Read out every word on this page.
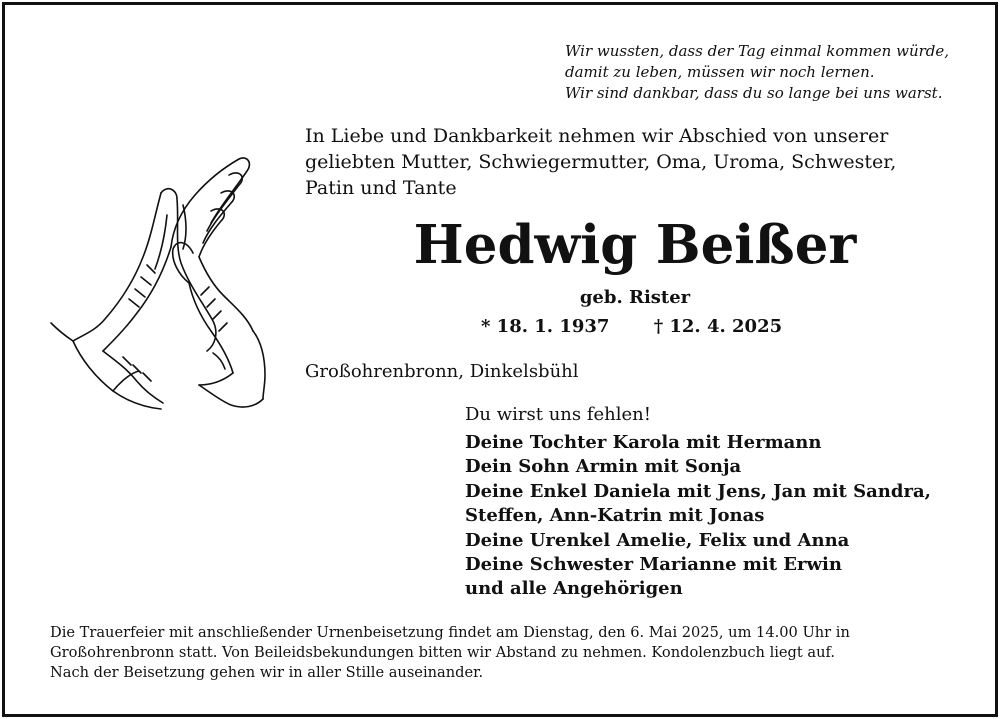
Wir wussten, dass der Tag einmal kommen würde,
damit zu leben, müssen wir noch lernen.
Wir sind dankbar, dass du so lange bei uns warst.
In Liebe und Dankbarkeit nehmen wir Abschied von unserer
geliebten Mutter, Schwiegermutter, Oma, Uroma, Schwester,
Patin und Tante
Hedwig Beißer
geb. Rister
* 18. 1. 1937 † 12. 4. 2025
Großohrenbronn, Dinkelsbühl
Du wirst uns fehlen!
Deine Tochter Karola mit Hermann
Dein Sohn Armin mit Sonja
Deine Enkel Daniela mit Jens, Jan mit Sandra,
Steffen, Ann-Katrin mit Jonas
Deine Urenkel Amelie, Felix und Anna
Deine Schwester Marianne mit Erwin
und alle Angehörigen
Die Trauerfeier mit anschließender Urnenbeisetzung findet am Dienstag, den 6. Mai 2025, um 14.00 Uhr in
Großohrenbronn statt. Von Beileidsbekundungen bitten wir Abstand zu nehmen. Kondolenzbuch liegt auf.
Nach der Beisetzung gehen wir in aller Stille auseinander.
